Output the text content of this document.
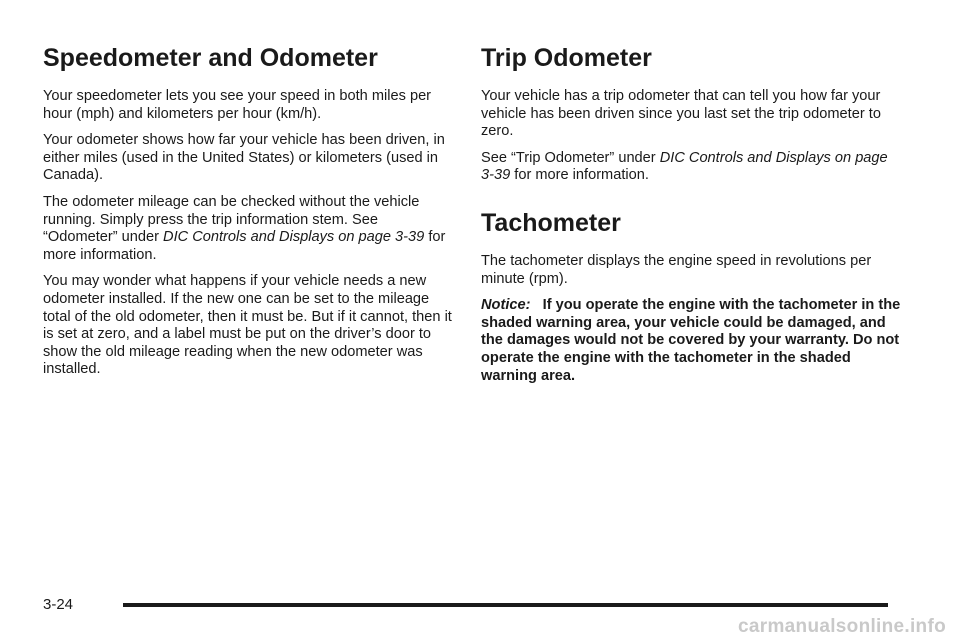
Speedometer and Odometer

Your speedometer lets you see your speed in both miles per hour (mph) and kilometers per hour (km/h).

Your odometer shows how far your vehicle has been driven, in either miles (used in the United States) or kilometers (used in Canada).

The odometer mileage can be checked without the vehicle running. Simply press the trip information stem. See “Odometer” under DIC Controls and Displays on page 3-39 for more information.

You may wonder what happens if your vehicle needs a new odometer installed. If the new one can be set to the mileage total of the old odometer, then it must be. But if it cannot, then it is set at zero, and a label must be put on the driver’s door to show the old mileage reading when the new odometer was installed.

Trip Odometer

Your vehicle has a trip odometer that can tell you how far your vehicle has been driven since you last set the trip odometer to zero.

See “Trip Odometer” under DIC Controls and Displays on page 3-39 for more information.

Tachometer

The tachometer displays the engine speed in revolutions per minute (rpm).

Notice: If you operate the engine with the tachometer in the shaded warning area, your vehicle could be damaged, and the damages would not be covered by your warranty. Do not operate the engine with the tachometer in the shaded warning area.

3-24
carmanualsonline.info
